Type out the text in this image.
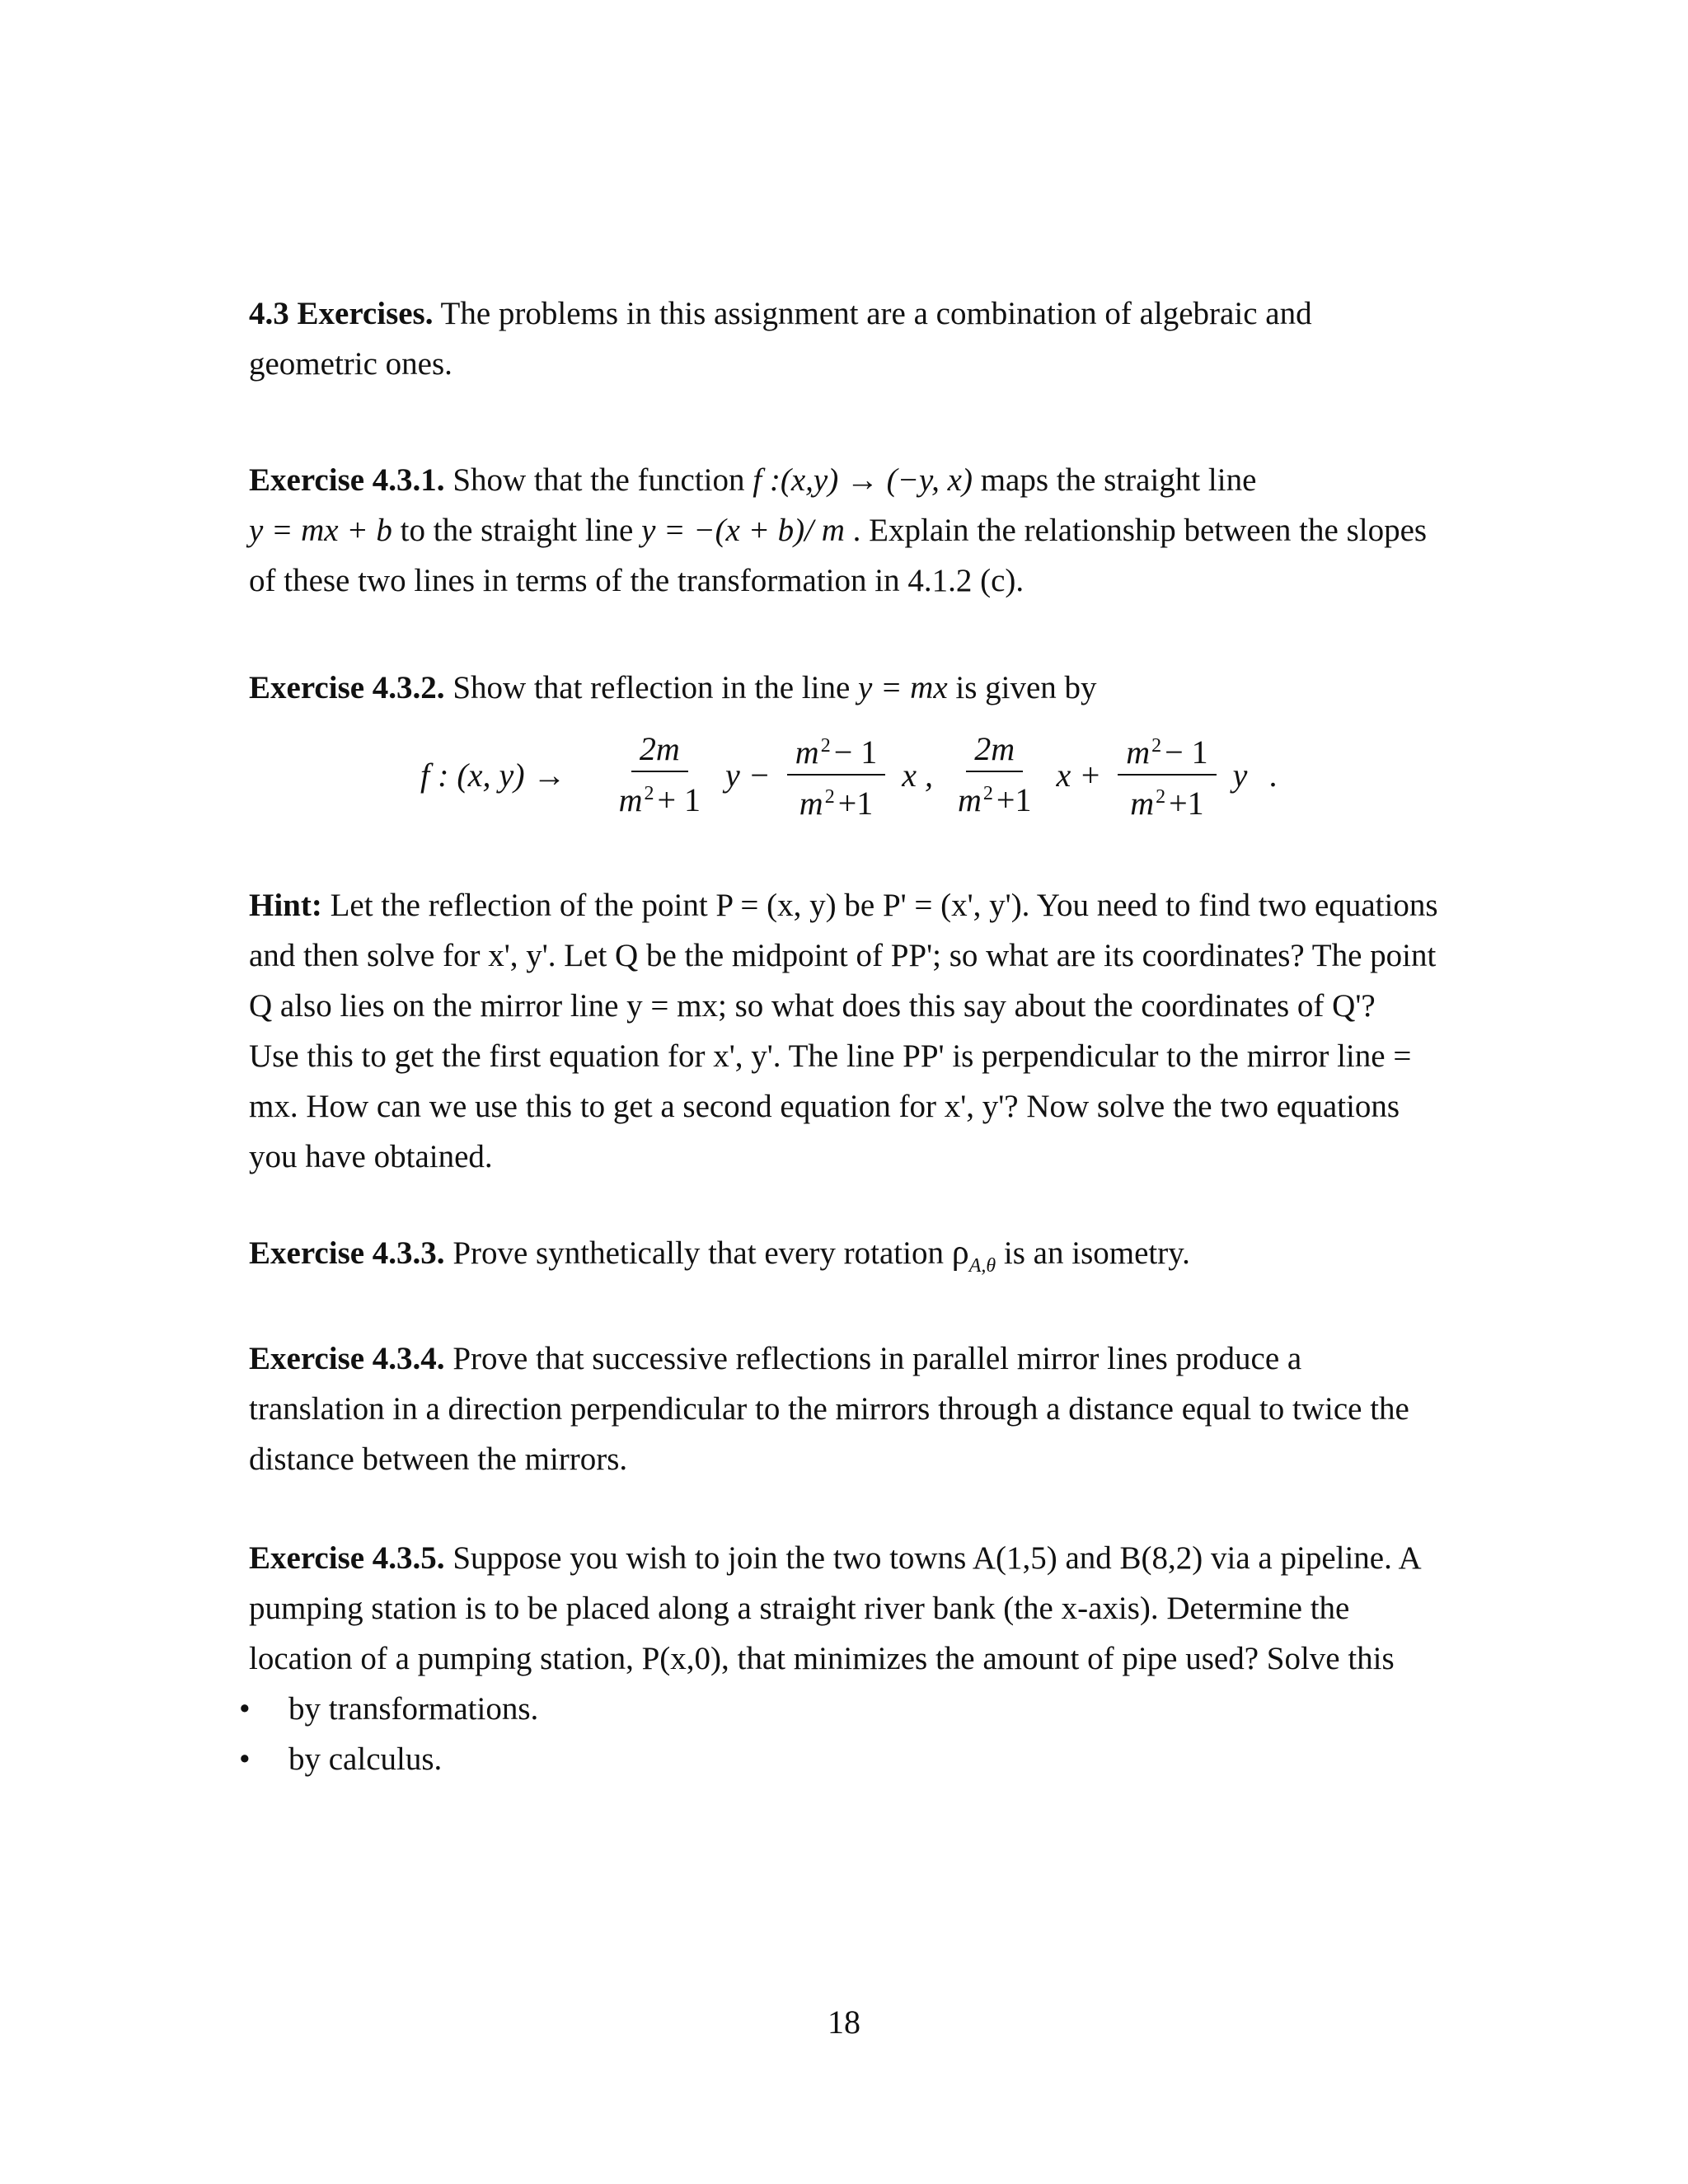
4.3 Exercises. The problems in this assignment are a combination of algebraic and
geometric ones.
Exercise 4.3.1. Show that the function f :(x,y) → (−y, x) maps the straight line
y = mx + b to the straight line y = −(x + b)/ m . Explain the relationship between the slopes
of these two lines in terms of the transformation in 4.1.2 (c).
Exercise 4.3.2. Show that reflection in the line y = mx is given by
f : (x, $y) \to \frac{2m}{m^2 + 1}$ $y - \frac{m^2 - 1}{m^2 +1}$ x , $\frac{2m}{m^2 +1}$ $x + \frac{m^2 - 1}{m^2 +1}$ y .
Hint: Let the reflection of the point P = (x, y) be P' = (x', y'). You need to find two equations
and then solve for x', y'. Let Q be the midpoint of PP'; so what are its coordinates? The point
Q also lies on the mirror line y = mx; so what does this say about the coordinates of Q'?
Use this to get the first equation for x', y'. The line PP' is perpendicular to the mirror line =
mx. How can we use this to get a second equation for x', y'? Now solve the two equations
you have obtained.
Exercise 4.3.3. Prove synthetically that every rotation $\rho_{A,\theta}$ is an isometry.
Exercise 4.3.4. Prove that successive reflections in parallel mirror lines produce a
translation in a direction perpendicular to the mirrors through a distance equal to twice the
distance between the mirrors.
Exercise 4.3.5. Suppose you wish to join the two towns A(1,5) and B(8,2) via a pipeline. A
pumping station is to be placed along a straight river bank (the x-axis). Determine the
location of a pumping station, P(x,0), that minimizes the amount of pipe used? Solve this
• by transformations.
• by calculus.
18
